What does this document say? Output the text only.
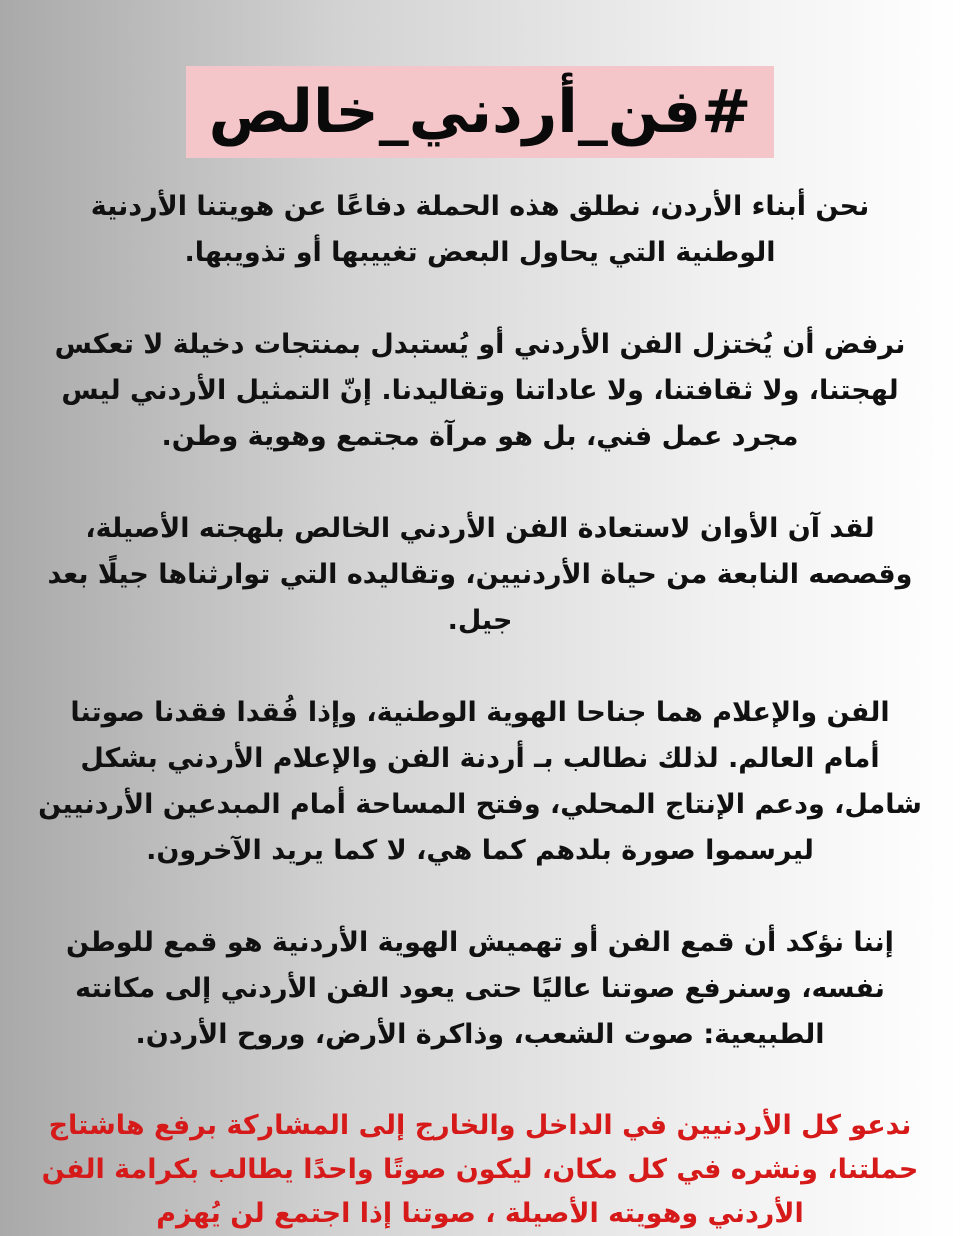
#فن_أردني_خالص

نحن أبناء الأردن، نطلق هذه الحملة دفاعًا عن هويتنا الأردنية الوطنية التي يحاول البعض تغييبها أو تذويبها.

نرفض أن يُختزل الفن الأردني أو يُستبدل بمنتجات دخيلة لا تعكس لهجتنا، ولا ثقافتنا، ولا عاداتنا وتقاليدنا. إنّ التمثيل الأردني ليس مجرد عمل فني، بل هو مرآة مجتمع وهوية وطن.

لقد آن الأوان لاستعادة الفن الأردني الخالص بلهجته الأصيلة، وقصصه النابعة من حياة الأردنيين، وتقاليده التي توارثناها جيلًا بعد جيل.

الفن والإعلام هما جناحا الهوية الوطنية، وإذا فُقدا فقدنا صوتنا أمام العالم. لذلك نطالب بـ أردنة الفن والإعلام الأردني بشكل شامل، ودعم الإنتاج المحلي، وفتح المساحة أمام المبدعين الأردنيين ليرسموا صورة بلدهم كما هي، لا كما يريد الآخرون.

إننا نؤكد أن قمع الفن أو تهميش الهوية الأردنية هو قمع للوطن نفسه، وسنرفع صوتنا عاليًا حتى يعود الفن الأردني إلى مكانته الطبيعية: صوت الشعب، وذاكرة الأرض، وروح الأردن.

ندعو كل الأردنيين في الداخل والخارج إلى المشاركة برفع هاشتاج حملتنا، ونشره في كل مكان، ليكون صوتًا واحدًا يطالب بكرامة الفن الأردني وهويته الأصيلة ، صوتنا إذا اجتمع لن يُهزم
